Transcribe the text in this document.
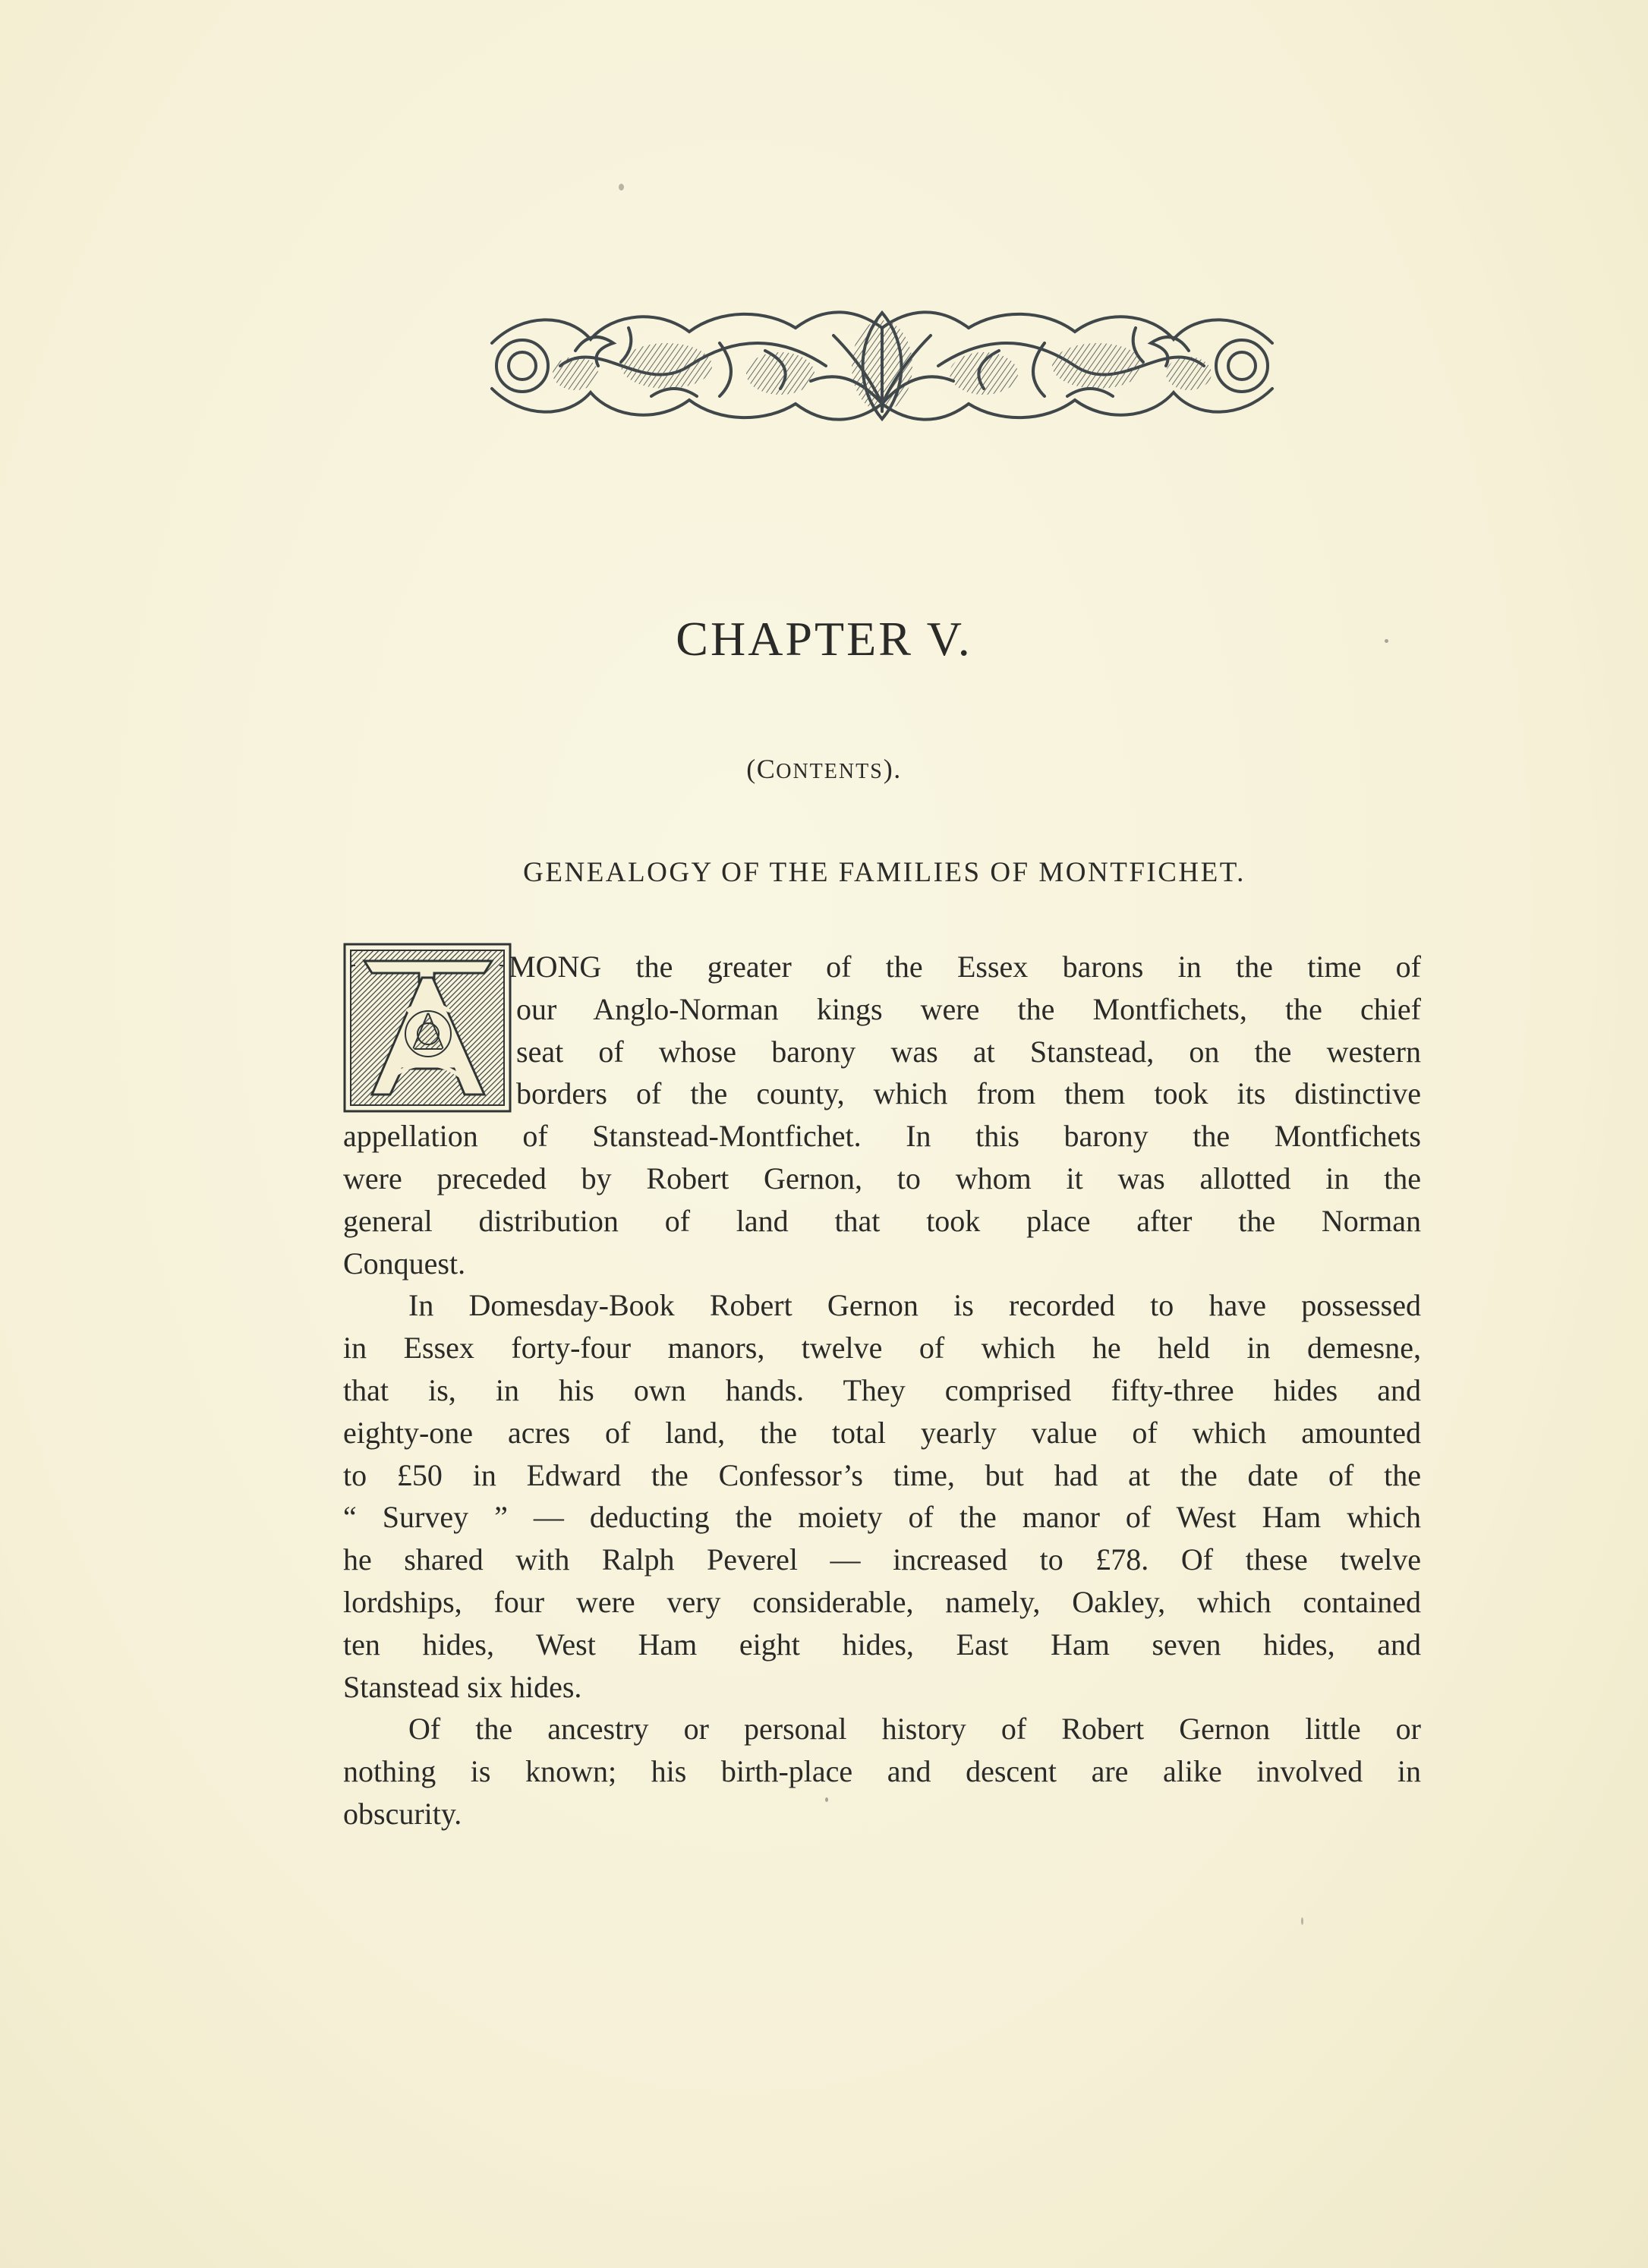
CHAPTER V.
(CONTENTS).
GENEALOGY OF THE FAMILIES OF MONTFICHET.
MONG the greater of the Essex barons in the time of
our Anglo-Norman kings were the Montfichets, the chief
seat of whose barony was at Stanstead, on the western
borders of the county, which from them took its distinctive
appellation of Stanstead-Montfichet. In this barony the Montfichets
were preceded by Robert Gernon, to whom it was allotted in the
general distribution of land that took place after the Norman
Conquest.
In Domesday-Book Robert Gernon is recorded to have possessed
in Essex forty-four manors, twelve of which he held in demesne,
that is, in his own hands. They comprised fifty-three hides and
eighty-one acres of land, the total yearly value of which amounted
to £50 in Edward the Confessor’s time, but had at the date of the
“ Survey ” — deducting the moiety of the manor of West Ham which
he shared with Ralph Peverel — increased to £78. Of these twelve
lordships, four were very considerable, namely, Oakley, which contained
ten hides, West Ham eight hides, East Ham seven hides, and
Stanstead six hides.
Of the ancestry or personal history of Robert Gernon little or
nothing is known; his birth-place and descent are alike involved in
obscurity.
